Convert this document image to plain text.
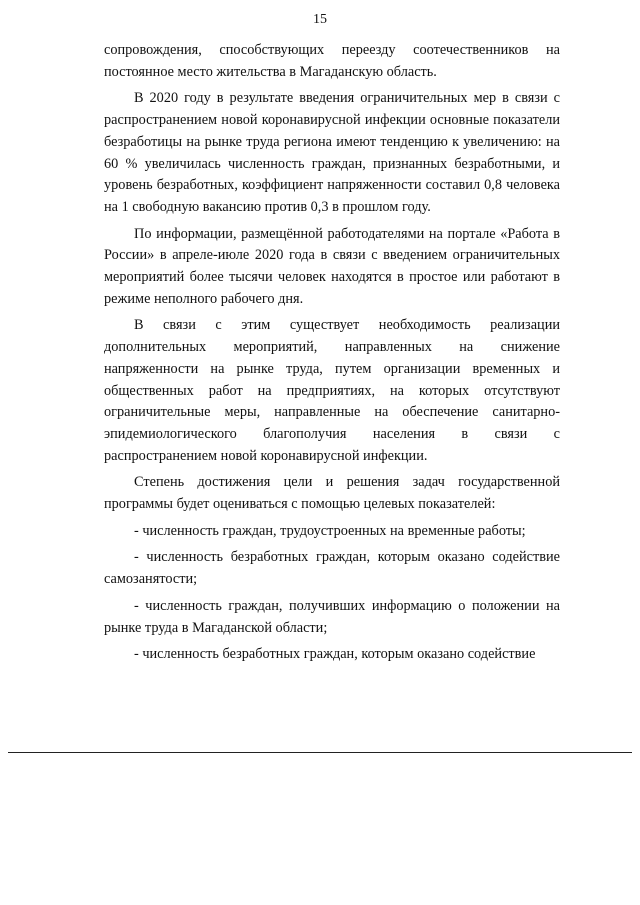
15

сопровождения, способствующих переезду соотечественников на постоянное место жительства в Магаданскую область.

В 2020 году в результате введения ограничительных мер в связи с распространением новой коронавирусной инфекции основные показатели безработицы на рынке труда региона имеют тенденцию к увеличению: на 60 % увеличилась численность граждан, признанных безработными, и уровень безработных, коэффициент напряженности составил 0,8 человека на 1 свободную вакансию против 0,3 в прошлом году.

По информации, размещённой работодателями на портале «Работа в России» в апреле-июле 2020 года в связи с введением ограничительных мероприятий более тысячи человек находятся в простое или работают в режиме неполного рабочего дня.

В связи с этим существует необходимость реализации дополнительных мероприятий, направленных на снижение напряженности на рынке труда, путем организации временных и общественных работ на предприятиях, на которых отсутствуют ограничительные меры, направленные на обеспечение санитарно-эпидемиологического благополучия населения в связи с распространением новой коронавирусной инфекции.

Степень достижения цели и решения задач государственной программы будет оцениваться с помощью целевых показателей:

- численность граждан, трудоустроенных на временные работы;

- численность безработных граждан, которым оказано содействие самозанятости;

- численность граждан, получивших информацию о положении на рынке труда в Магаданской области;

- численность безработных граждан, которым оказано содействие
